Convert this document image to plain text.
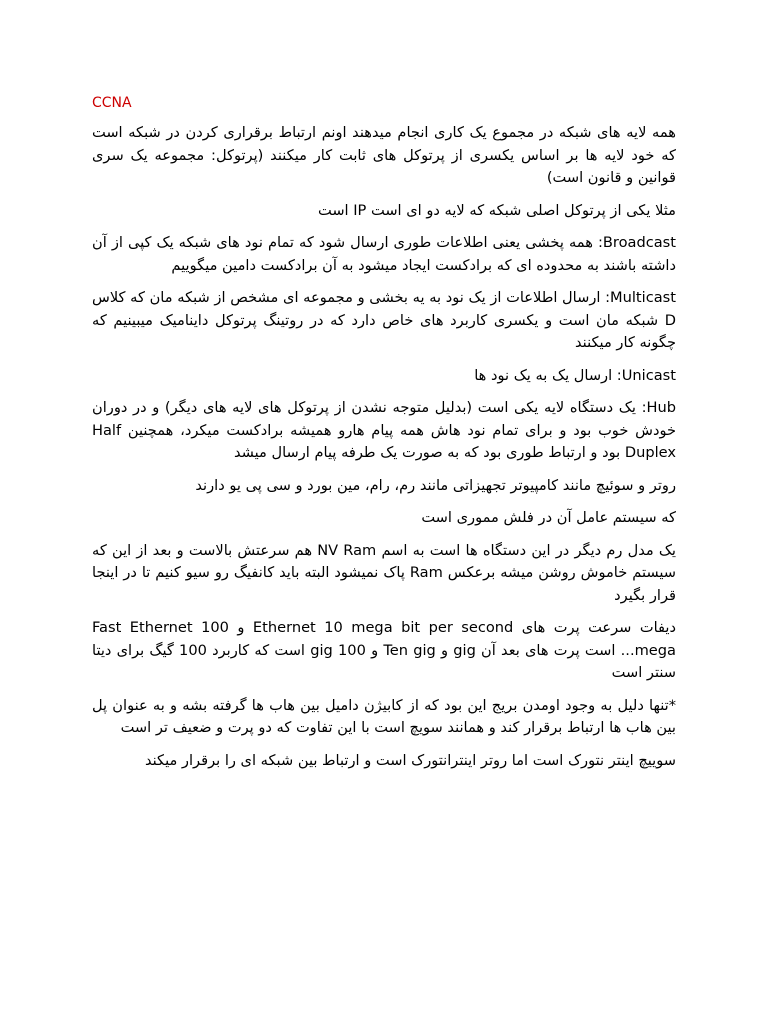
CCNA

همه لایه های شبکه در مجموع یک کاری انجام میدهند اونم ارتباط برقراری کردن در شبکه است که خود لایه ها بر اساس یکسری از پرتوکل های ثابت کار میکنند (پرتوکل: مجموعه یک سری قوانین و قانون است)

مثلا یکی از پرتوکل اصلی شبکه که لایه دو ای است IP است

Broadcast: همه پخشی یعنی اطلاعات طوری ارسال شود که تمام نود های شبکه یک کپی از آن داشته باشند به محدوده ای که برادکست ایجاد میشود به آن برادکست دامین میگوییم

Multicast: ارسال اطلاعات از یک نود به یه بخشی و مجموعه ای مشخص از شبکه مان که کلاس D شبکه مان است و یکسری کاربرد های خاص دارد که در روتینگ پرتوکل داینامیک میبینیم که چگونه کار میکنند

Unicast: ارسال یک به یک نود ها

Hub: یک دستگاه لایه یکی است (بدلیل متوجه نشدن از پرتوکل های لایه های دیگر) و در دوران خودش خوب بود و برای تمام نود هاش همه پیام هارو همیشه برادکست میکرد، همچنین Half Duplex بود و ارتباط طوری بود که به صورت یک طرفه پیام ارسال میشد

روتر و سوئیچ مانند کامپیوتر تجهیزاتی مانند رم، رام، مین بورد و سی پی یو دارند

که سیستم عامل آن در فلش مموری است

یک مدل رم دیگر در این دستگاه ها است به اسم NV Ram هم سرعتش بالاست و بعد از این که سیستم خاموش روشن میشه برعکس Ram پاک نمیشود البته باید کانفیگ رو سیو کنیم تا در اینجا قرار بگیرد

دیفات سرعت پرت های Ethernet 10 mega bit per second و Fast Ethernet 100 mega... است پرت های بعد آن gig و Ten gig و 100 gig است که کاربرد 100 گیگ برای دیتا سنتر است

*تنها دلیل به وجود اومدن بریج این بود که از کابیژن دامیل بین هاب ها گرفته بشه و به عنوان پل بین هاب ها ارتباط برقرار کند و همانند سویچ است با این تفاوت که دو پرت و ضعیف تر است

سوییچ اینتر نتورک است اما روتر اینترانتورک است و ارتباط بین شبکه ای را برقرار میکند
